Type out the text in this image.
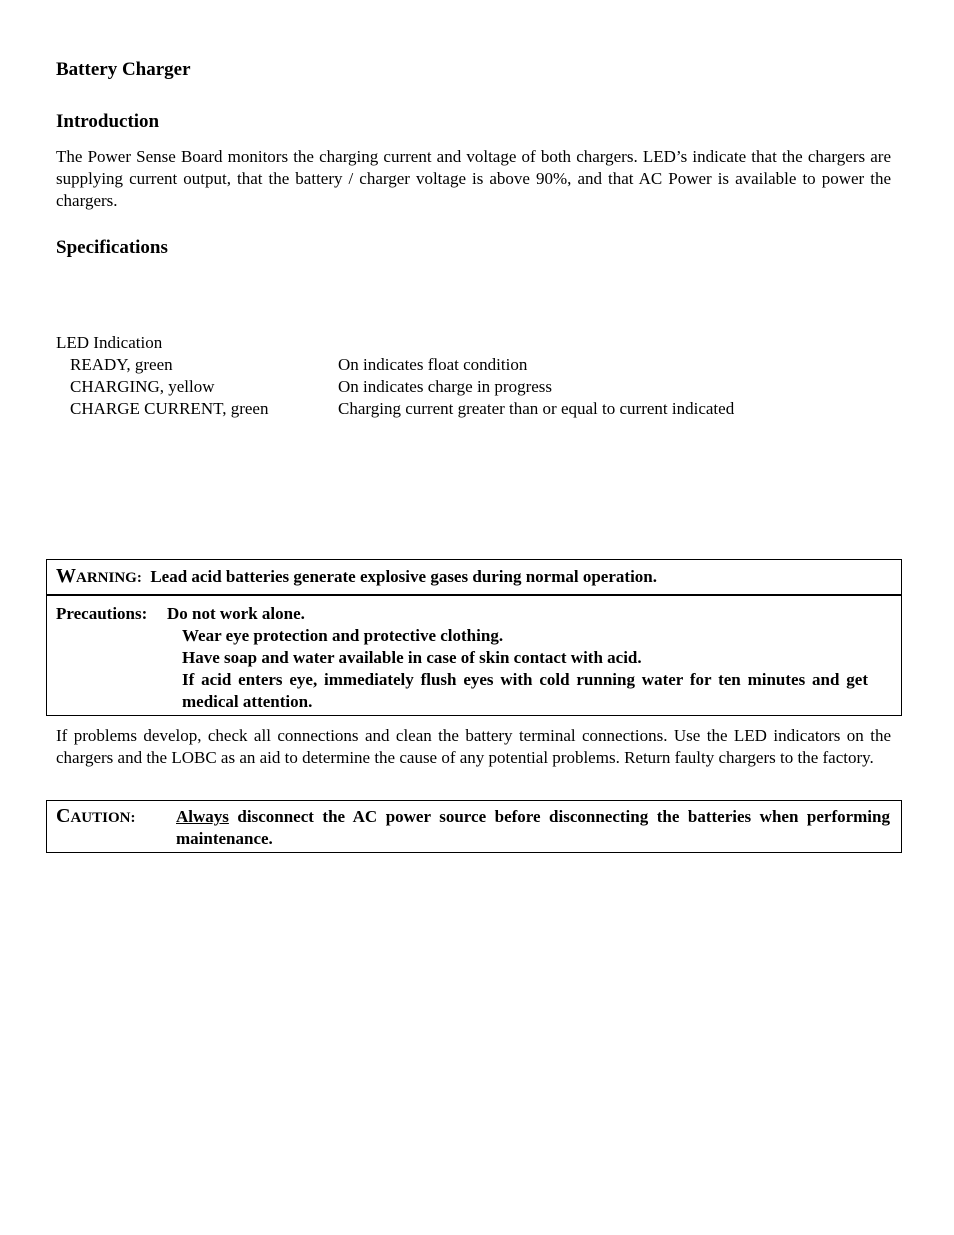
Battery Charger
Introduction
The Power Sense Board monitors the charging current and voltage of both chargers. LED’s indicate that the chargers are supplying current output, that the battery / charger voltage is above 90%, and that AC Power is available to power the chargers.
Specifications
LED Indication
READY, green	On indicates float condition
CHARGING, yellow	On indicates charge in progress
CHARGE CURRENT, green	Charging current greater than or equal to current indicated
WARNING: Lead acid batteries generate explosive gases during normal operation.
Precautions: Do not work alone.
Wear eye protection and protective clothing.
Have soap and water available in case of skin contact with acid.
If acid enters eye, immediately flush eyes with cold running water for ten minutes and get medical attention.
If problems develop, check all connections and clean the battery terminal connections. Use the LED indicators on the chargers and the LOBC as an aid to determine the cause of any potential problems. Return faulty chargers to the factory.
CAUTION: Always disconnect the AC power source before disconnecting the batteries when performing maintenance.
